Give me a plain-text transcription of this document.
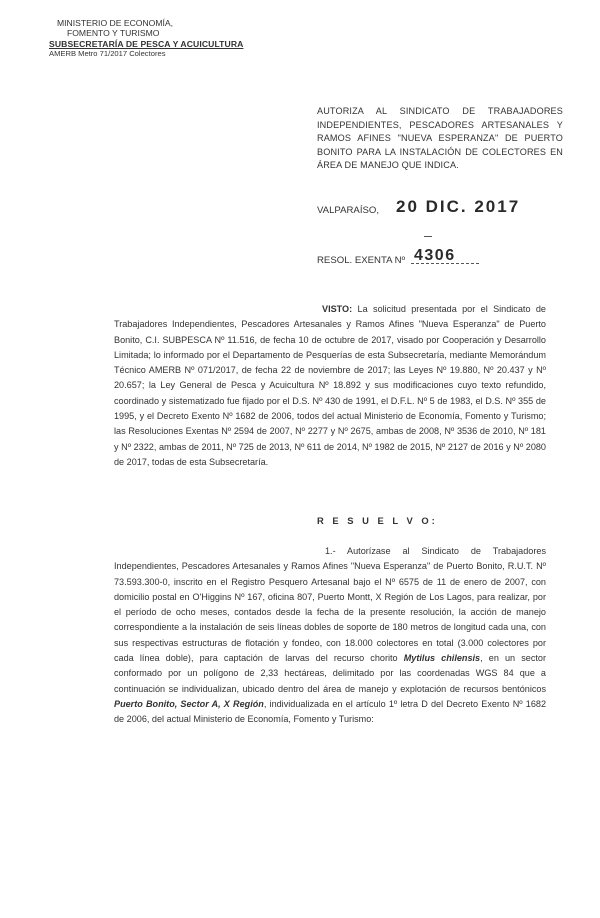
MINISTERIO DE ECONOMÍA,
FOMENTO Y TURISMO
SUBSECRETARÍA DE PESCA Y ACUICULTURA
AMERB Metro 71/2017 Colectores
AUTORIZA AL SINDICATO DE TRABAJADORES INDEPENDIENTES, PESCADORES ARTESANALES Y RAMOS AFINES "NUEVA ESPERANZA" DE PUERTO BONITO PARA LA INSTALACIÓN DE COLECTORES EN ÁREA DE MANEJO QUE INDICA.
VALPARAÍSO, 20 DIC. 2017
RESOL. EXENTA Nº 4306
VISTO: La solicitud presentada por el Sindicato de Trabajadores Independientes, Pescadores Artesanales y Ramos Afines "Nueva Esperanza" de Puerto Bonito, C.I. SUBPESCA Nº 11.516, de fecha 10 de octubre de 2017, visado por Cooperación y Desarrollo Limitada; lo informado por el Departamento de Pesquerías de esta Subsecretaría, mediante Memorándum Técnico AMERB Nº 071/2017, de fecha 22 de noviembre de 2017; las Leyes Nº 19.880, Nº 20.437 y Nº 20.657; la Ley General de Pesca y Acuicultura Nº 18.892 y sus modificaciones cuyo texto refundido, coordinado y sistematizado fue fijado por el D.S. Nº 430 de 1991, el D.F.L. Nº 5 de 1983, el D.S. Nº 355 de 1995, y el Decreto Exento Nº 1682 de 2006, todos del actual Ministerio de Economía, Fomento y Turismo; las Resoluciones Exentas Nº 2594 de 2007, Nº 2277 y Nº 2675, ambas de 2008, Nº 3536 de 2010, Nº 181 y Nº 2322, ambas de 2011, Nº 725 de 2013, Nº 611 de 2014, Nº 1982 de 2015, Nº 2127 de 2016 y Nº 2080 de 2017, todas de esta Subsecretaría.
R E S U E L V O:
1.- Autorízase al Sindicato de Trabajadores Independientes, Pescadores Artesanales y Ramos Afines "Nueva Esperanza" de Puerto Bonito, R.U.T. Nº 73.593.300-0, inscrito en el Registro Pesquero Artesanal bajo el Nº 6575 de 11 de enero de 2007, con domicilio postal en O'Higgins Nº 167, oficina 807, Puerto Montt, X Región de Los Lagos, para realizar, por el período de ocho meses, contados desde la fecha de la presente resolución, la acción de manejo correspondiente a la instalación de seis líneas dobles de soporte de 180 metros de longitud cada una, con sus respectivas estructuras de flotación y fondeo, con 18.000 colectores en total (3.000 colectores por cada línea doble), para captación de larvas del recurso chorito Mytilus chilensis, en un sector conformado por un polígono de 2,33 hectáreas, delimitado por las coordenadas WGS 84 que a continuación se individualizan, ubicado dentro del área de manejo y explotación de recursos bentónicos Puerto Bonito, Sector A, X Región, individualizada en el artículo 1º letra D del Decreto Exento Nº 1682 de 2006, del actual Ministerio de Economía, Fomento y Turismo:
